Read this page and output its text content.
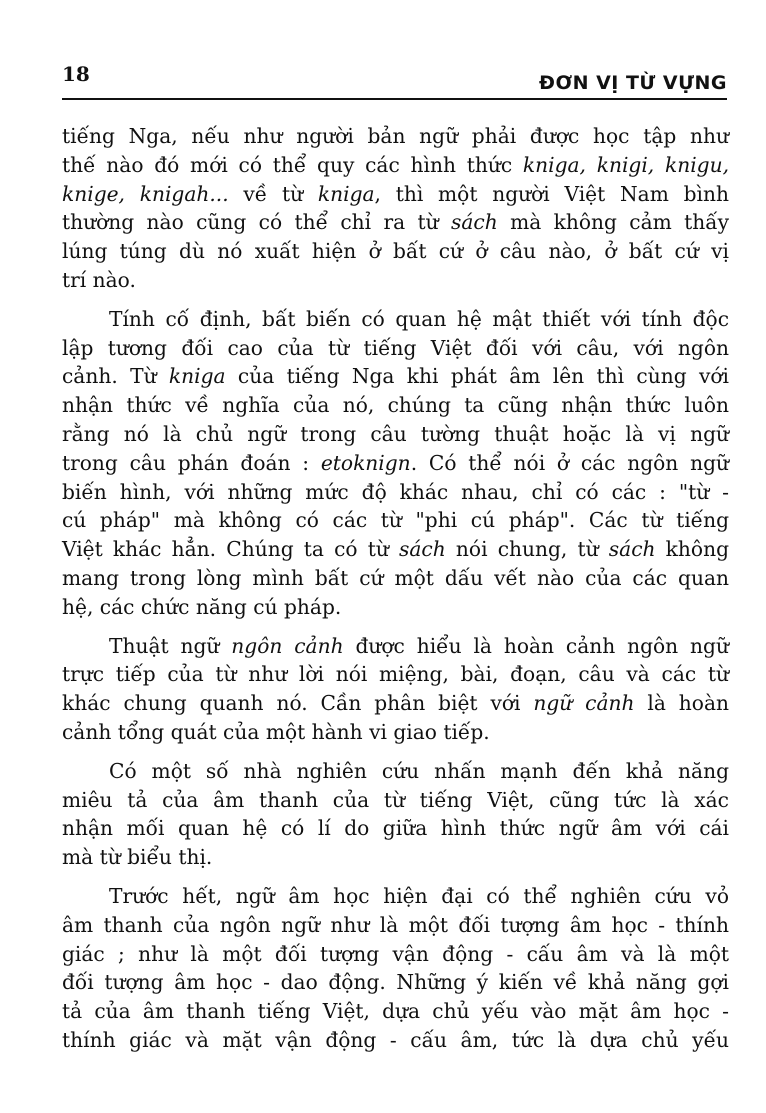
18	ĐƠN VỊ TỪ VỰNG
tiếng Nga, nếu như người bản ngữ phải được học tập như
thế nào đó mới có thể quy các hình thức kniga, knigi, knigu,
knige, knigah... về từ kniga, thì một người Việt Nam bình
thường nào cũng có thể chỉ ra từ sách mà không cảm thấy
lúng túng dù nó xuất hiện ở bất cứ ở câu nào, ở bất cứ vị
trí nào.
Tính cố định, bất biến có quan hệ mật thiết với tính độc
lập tương đối cao của từ tiếng Việt đối với câu, với ngôn
cảnh. Từ kniga của tiếng Nga khi phát âm lên thì cùng với
nhận thức về nghĩa của nó, chúng ta cũng nhận thức luôn
rằng nó là chủ ngữ trong câu tường thuật hoặc là vị ngữ
trong câu phán đoán : etoknign. Có thể nói ở các ngôn ngữ
biến hình, với những mức độ khác nhau, chỉ có các : "từ -
cú pháp" mà không có các từ "phi cú pháp". Các từ tiếng
Việt khác hẳn. Chúng ta có từ sách nói chung, từ sách không
mang trong lòng mình bất cứ một dấu vết nào của các quan
hệ, các chức năng cú pháp.
Thuật ngữ ngôn cảnh được hiểu là hoàn cảnh ngôn ngữ
trực tiếp của từ như lời nói miệng, bài, đoạn, câu và các từ
khác chung quanh nó. Cần phân biệt với ngữ cảnh là hoàn
cảnh tổng quát của một hành vi giao tiếp.
Có một số nhà nghiên cứu nhấn mạnh đến khả năng
miêu tả của âm thanh của từ tiếng Việt, cũng tức là xác
nhận mối quan hệ có lí do giữa hình thức ngữ âm với cái
mà từ biểu thị.
Trước hết, ngữ âm học hiện đại có thể nghiên cứu vỏ
âm thanh của ngôn ngữ như là một đối tượng âm học - thính
giác ; như là một đối tượng vận động - cấu âm và là một
đối tượng âm học - dao động. Những ý kiến về khả năng gợi
tả của âm thanh tiếng Việt, dựa chủ yếu vào mặt âm học -
thính giác và mặt vận động - cấu âm, tức là dựa chủ yếu
